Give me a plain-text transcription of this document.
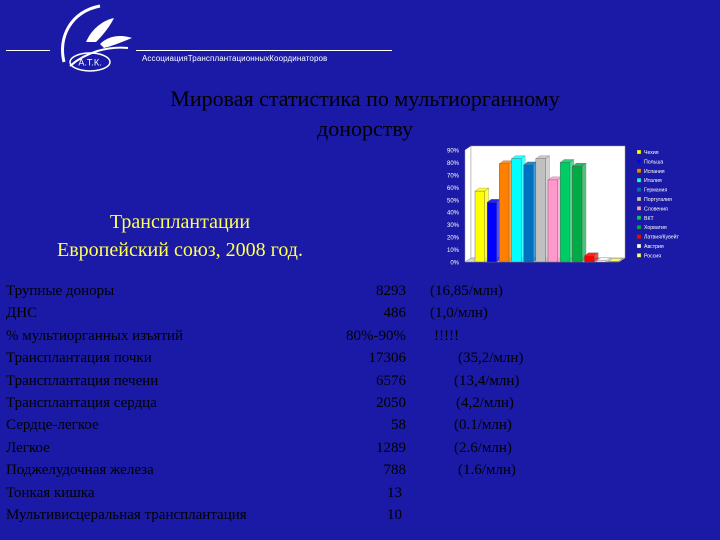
А.Т.К.	АссоциацияТрансплантационныхКоординаторов
Мировая статистика по мультиорганному
донорству
Трансплантации
Европейский союз, 2008 год.
0%
10%
20%
30%
40%
50%
60%
70%
80%
90%	Чехия
Польша
Испания
Италия
Германия
Португалия
Словения
ВКТ
Хорватия
Латвия/Кувейт
Австрия
Россия
Трупные доноры	8293 (16,85/млн)
ДНС	486 (1,0/млн)
% мультиорганных изъятий	80%-90% !!!!!
Трансплантация почки	17306	(35,2/млн)
Трансплантация печени	6576	(13,4/млн)
Трансплантация сердца	2050	(4,2/млн)
Сердце-легкое	58	(0.1/млн)
Легкое	1289	(2.6/млн)
Поджелудочная железа	788	(1.6/млн)
Тонкая кишка	13
Мультивисцеральная трансплантация	10
